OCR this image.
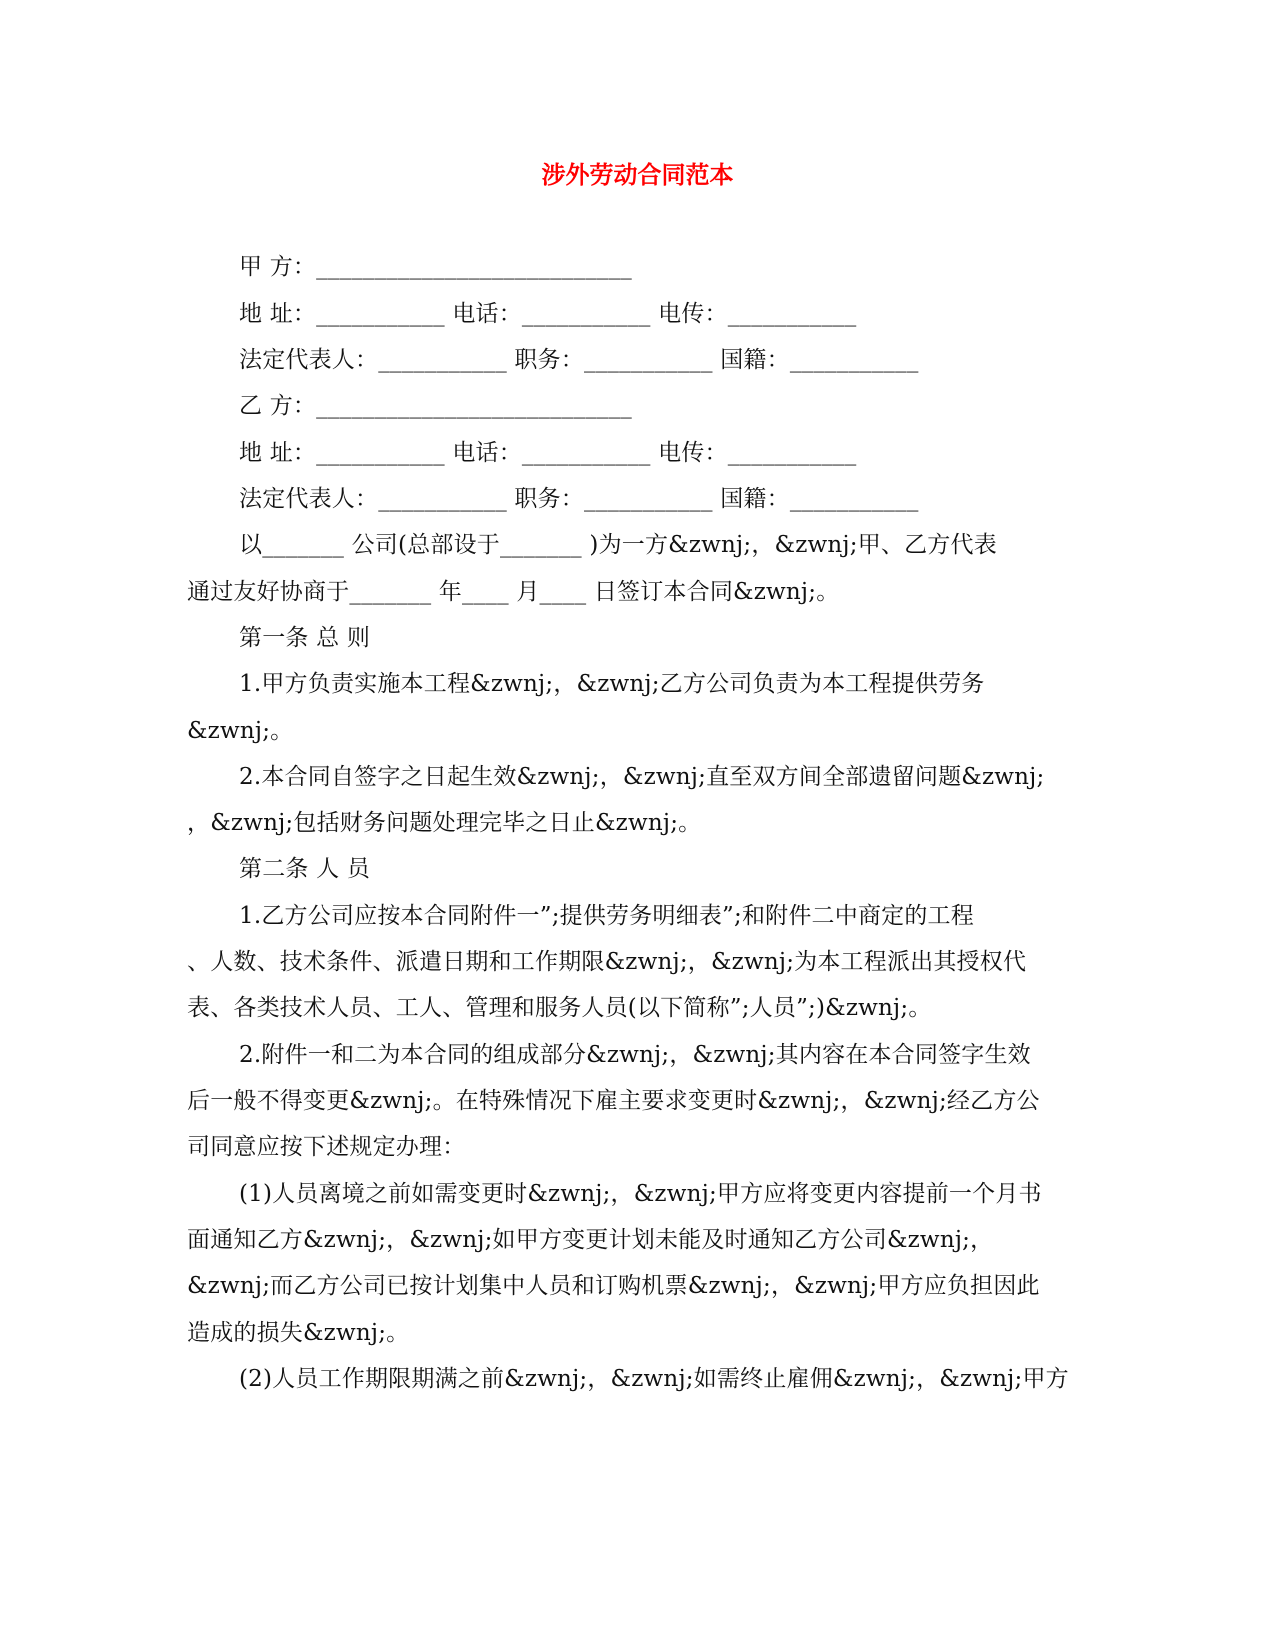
涉外劳动合同范本
甲 方：___________________________
地 址：___________ 电话：___________ 电传：___________
法定代表人：___________ 职务：___________ 国籍：___________
乙 方：___________________________
地 址：___________ 电话：___________ 电传：___________
法定代表人：___________ 职务：___________ 国籍：___________
以_______ 公司(总部设于_______ )为一方&zwnj;，&zwnj;甲、乙方代表
通过友好协商于_______ 年____ 月____ 日签订本合同&zwnj;。
第一条 总 则
1.甲方负责实施本工程&zwnj;，&zwnj;乙方公司负责为本工程提供劳务
&zwnj;。
2.本合同自签字之日起生效&zwnj;，&zwnj;直至双方间全部遗留问题&zwnj;
，&zwnj;包括财务问题处理完毕之日止&zwnj;。
第二条 人 员
1.乙方公司应按本合同附件一”;提供劳务明细表”;和附件二中商定的工程
、人数、技术条件、派遣日期和工作期限&zwnj;，&zwnj;为本工程派出其授权代
表、各类技术人员、工人、管理和服务人员(以下简称”;人员”;)&zwnj;。
2.附件一和二为本合同的组成部分&zwnj;，&zwnj;其内容在本合同签字生效
后一般不得变更&zwnj;。在特殊情况下雇主要求变更时&zwnj;，&zwnj;经乙方公
司同意应按下述规定办理：
(1)人员离境之前如需变更时&zwnj;，&zwnj;甲方应将变更内容提前一个月书
面通知乙方&zwnj;，&zwnj;如甲方变更计划未能及时通知乙方公司&zwnj;，
&zwnj;而乙方公司已按计划集中人员和订购机票&zwnj;，&zwnj;甲方应负担因此
造成的损失&zwnj;。
(2)人员工作期限期满之前&zwnj;，&zwnj;如需终止雇佣&zwnj;，&zwnj;甲方
